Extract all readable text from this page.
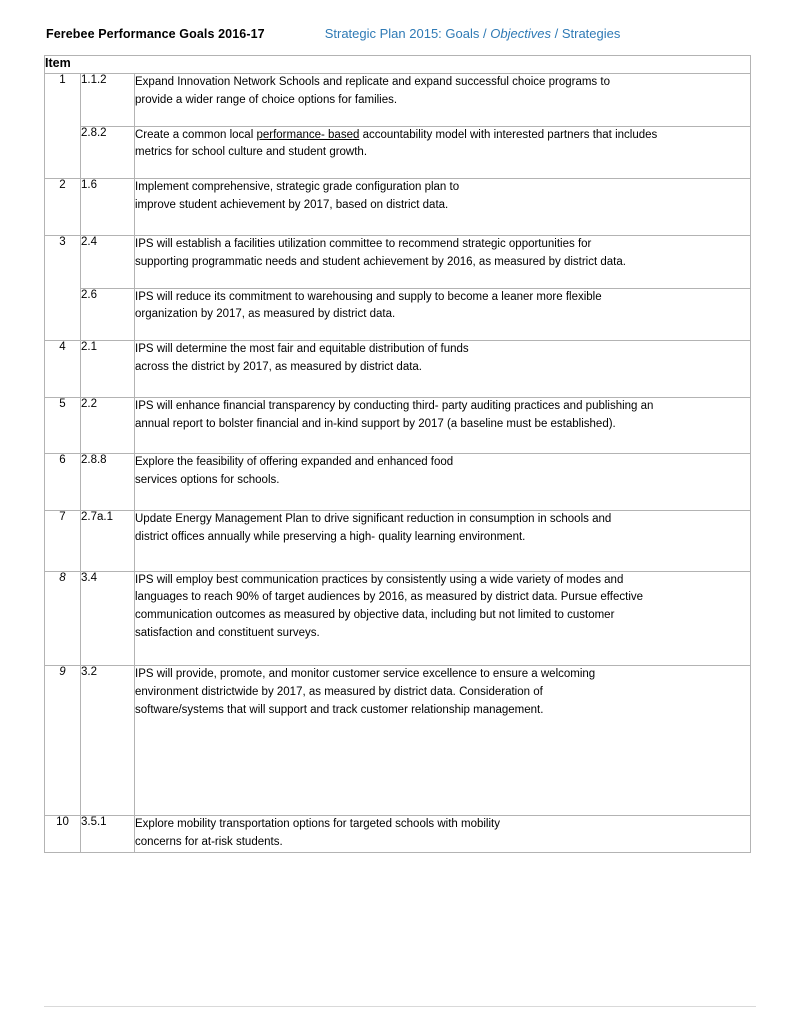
Ferebee Performance Goals 2016-17	Strategic Plan 2015: Goals / Objectives / Strategies
Item		
1	1.1.2	Expand Innovation Network Schools and replicate and expand successful choice programs to
provide a wider range of choice options for families.

	2.8.2	Create a common local performance- based accountability model with interested partners that includes
metrics for school culture and student growth.

2	1.6	Implement comprehensive, strategic grade configuration plan to
improve student achievement by 2017, based on district data.

3	2.4	IPS will establish a facilities utilization committee to recommend strategic opportunities for
supporting programmatic needs and student achievement by 2016, as measured by district data.

	2.6	IPS will reduce its commitment to warehousing and supply to become a leaner more flexible
organization by 2017, as measured by district data.

4	2.1	IPS will determine the most fair and equitable distribution of funds
across the district by 2017, as measured by district data.

5	2.2	IPS will enhance financial transparency by conducting third- party auditing practices and publishing an
annual report to bolster financial and in-kind support by 2017 (a baseline must be established).

6	2.8.8	Explore the feasibility of offering expanded and enhanced food
services options for schools.

7	2.7a.1	Update Energy Management Plan to drive significant reduction in consumption in schools and
district offices annually while preserving a high- quality learning environment.

8	3.4	IPS will employ best communication practices by consistently using a wide variety of modes and
languages to reach 90% of target audiences by 2016, as measured by district data. Pursue effective
communication outcomes as measured by objective data, including but not limited to customer
satisfaction and constituent surveys.

9	3.2	IPS will provide, promote, and monitor customer service excellence to ensure a welcoming
environment districtwide by 2017, as measured by district data. Consideration of
software/systems that will support and track customer relationship management.

10	3.5.1	Explore mobility transportation options for targeted schools with mobility
concerns for at-risk students.
